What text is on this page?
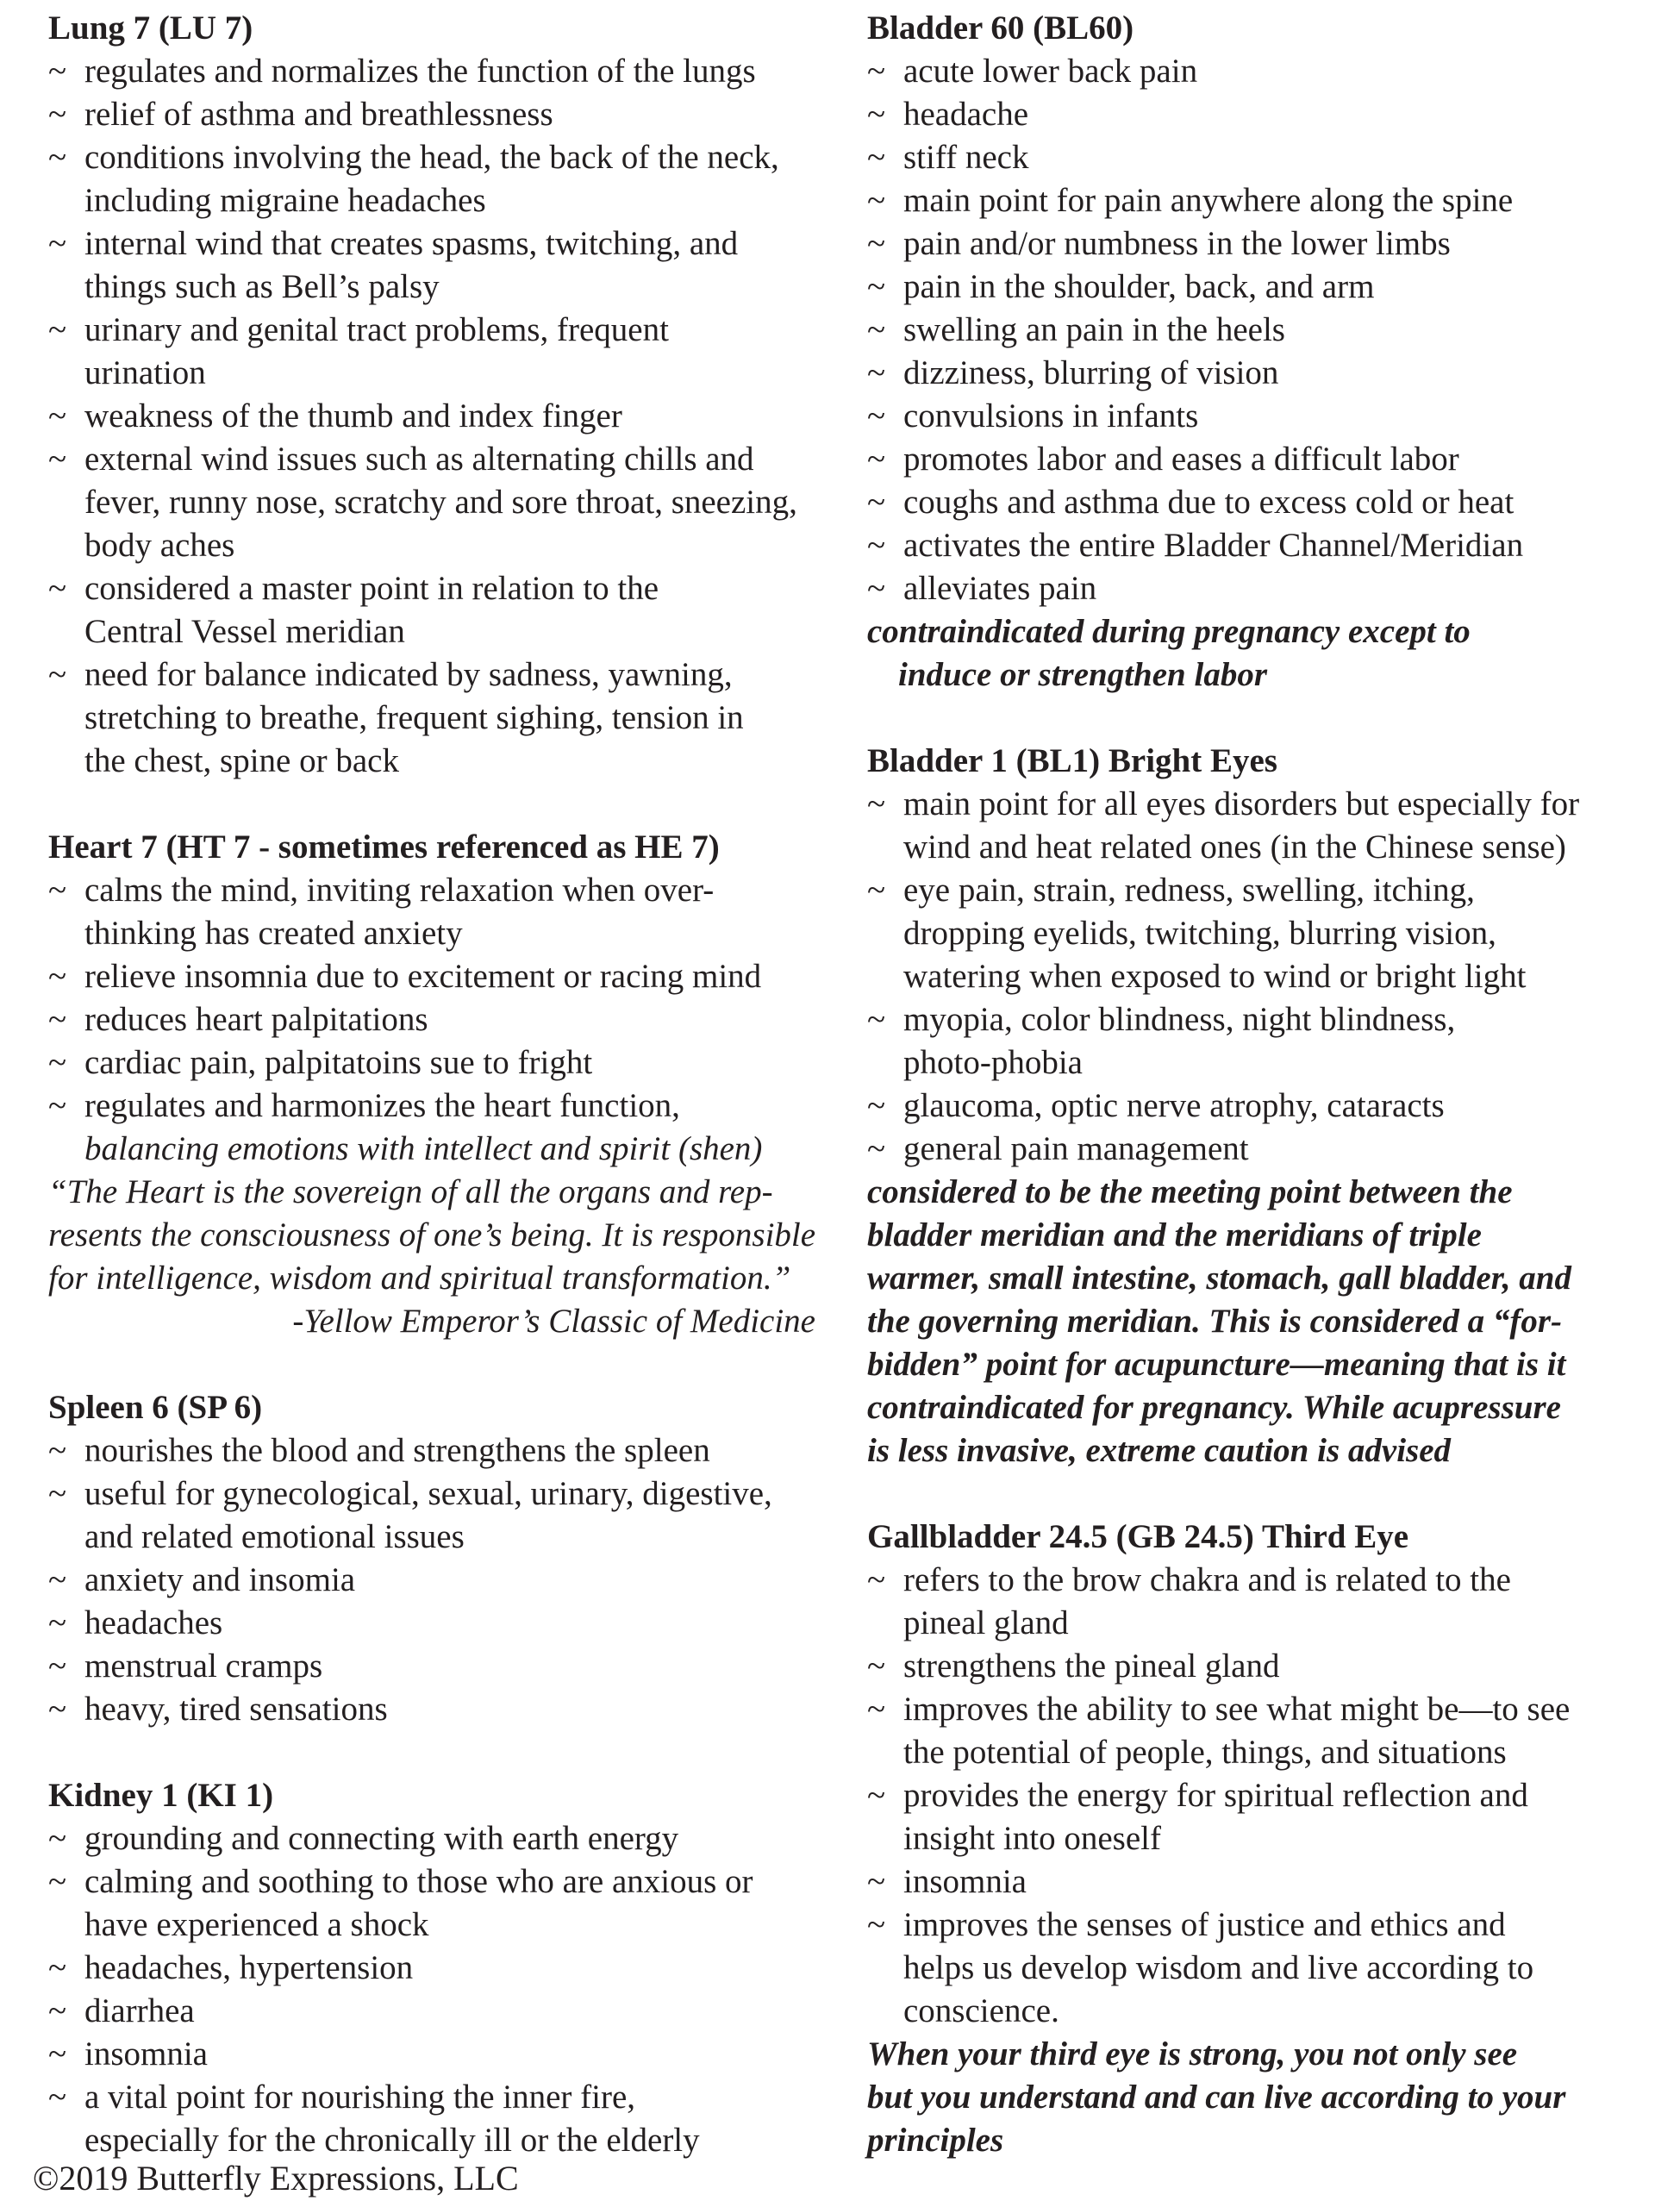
Lung 7 (LU 7)
~ regulates and normalizes the function of the lungs
~ relief of asthma and breathlessness
~ conditions involving the head, the back of the neck,
including migraine headaches
~ internal wind that creates spasms, twitching, and
things such as Bell’s palsy
~ urinary and genital tract problems, frequent
urination
~ weakness of the thumb and index finger
~ external wind issues such as alternating chills and
fever, runny nose, scratchy and sore throat, sneezing,
body aches
~ considered a master point in relation to the
Central Vessel meridian
~ need for balance indicated by sadness, yawning,
stretching to breathe, frequent sighing, tension in
the chest, spine or back
Heart 7 (HT 7 - sometimes referenced as HE 7)
~ calms the mind, inviting relaxation when over-
thinking has created anxiety
~ relieve insomnia due to excitement or racing mind
~ reduces heart palpitations
~ cardiac pain, palpitatoins sue to fright
~ regulates and harmonizes the heart function,
balancing emotions with intellect and spirit (shen)
“The Heart is the sovereign of all the organs and rep-
resents the consciousness of one’s being. It is responsible
for intelligence, wisdom and spiritual transformation.”
-Yellow Emperor’s Classic of Medicine
Spleen 6 (SP 6)
~ nourishes the blood and strengthens the spleen
~ useful for gynecological, sexual, urinary, digestive,
and related emotional issues
~ anxiety and insomia
~ headaches
~ menstrual cramps
~ heavy, tired sensations
Kidney 1 (KI 1)
~ grounding and connecting with earth energy
~ calming and soothing to those who are anxious or
have experienced a shock
~ headaches, hypertension
~ diarrhea
~ insomnia
~ a vital point for nourishing the inner fire,
especially for the chronically ill or the elderly
Bladder 60 (BL60)
~ acute lower back pain
~ headache
~ stiff neck
~ main point for pain anywhere along the spine
~ pain and/or numbness in the lower limbs
~ pain in the shoulder, back, and arm
~ swelling an pain in the heels
~ dizziness, blurring of vision
~ convulsions in infants
~ promotes labor and eases a difficult labor
~ coughs and asthma due to excess cold or heat
~ activates the entire Bladder Channel/Meridian
~ alleviates pain

contraindicated during pregnancy except to
induce or strengthen labor

Bladder 1 (BL1) Bright Eyes
~ main point for all eyes disorders but especially for
wind and heat related ones (in the Chinese sense)
~ eye pain, strain, redness, swelling, itching,
dropping eyelids, twitching, blurring vision,
watering when exposed to wind or bright light
~ myopia, color blindness, night blindness,
photo-phobia
~ glaucoma, optic nerve atrophy, cataracts
~ general pain management

considered to be the meeting point between the
bladder meridian and the meridians of triple
warmer, small intestine, stomach, gall bladder, and
the governing meridian. This is considered a “for-
bidden” point for acupuncture—meaning that is it
contraindicated for pregnancy. While acupressure
is less invasive, extreme caution is advised

Gallbladder 24.5 (GB 24.5) Third Eye
~ refers to the brow chakra and is related to the
pineal gland
~ strengthens the pineal gland
~ improves the ability to see what might be—to see
the potential of people, things, and situations
~ provides the energy for spiritual reflection and
insight into oneself
~ insomnia
~ improves the senses of justice and ethics and
helps us develop wisdom and live according to
conscience.

When your third eye is strong, you not only see
but you understand and can live according to your
principles

©2019 Butterfly Expressions, LLC
